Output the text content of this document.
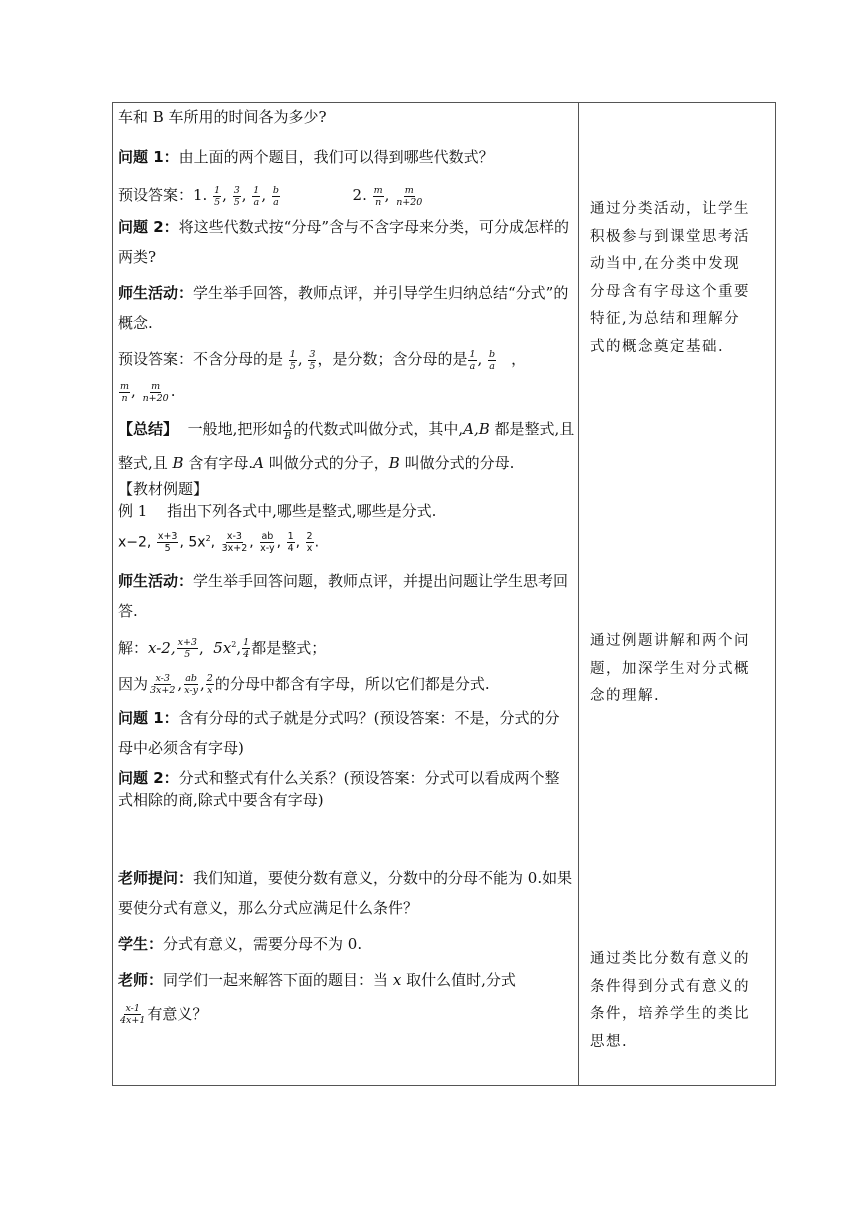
车和 B 车所用的时间各为多少?

问题 1：由上面的两个题目，我们可以得到哪些代数式？

预设答案：1. $\frac{1}{5}$ , $\frac{3}{5}$ , $\frac{1}{a}$ , $\frac{b}{a}$	2. $\frac{m}{n}$ , $\frac{m}{n+20}$

问题 2：将这些代数式按“分母”含与不含字母来分类，可分成怎样的两类?

师生活动：学生举手回答，教师点评，并引导学生归纳总结“分式”的概念.

预设答案：不含分母的是 $\frac{1}{5}$ , $\frac{3}{5}$ ，是分数；含分母的是 $\frac{1}{a}$ , $\frac{b}{a}$ ，

$\frac{m}{n}$ , $\frac{m}{n+20}$ .

【总结】 一般地,把形如 $\frac{A}{B}$ 的代数式叫做分式，其中,A,B 都是整式,且

整式,且 B 含有字母.A 叫做分式的分子，B 叫做分式的分母.

【教材例题】

例 1　 指出下列各式中,哪些是整式,哪些是分式.

x−2, $\frac{x+3}{5}$ , $5x^2$, $\frac{x-3}{3x+2}$ , $\frac{ab}{x-y}$ , $\frac{1}{4}$ , $\frac{2}{x}$ .

师生活动：学生举手回答问题，教师点评，并提出问题让学生思考回答.

解：x-2, $\frac{x+3}{5}$ ,  $5x^2$, $\frac{1}{4}$ 都是整式；

因为 $\frac{x-3}{3x+2}$ , $\frac{ab}{x-y}$ , $\frac{2}{x}$ 的分母中都含有字母，所以它们都是分式.

问题 1：含有分母的式子就是分式吗？(预设答案：不是，分式的分母中必须含有字母)

问题 2：分式和整式有什么关系？(预设答案：分式可以看成两个整式相除的商,除式中要含有字母)

老师提问：我们知道，要使分数有意义，分数中的分母不能为 0.如果要使分式有意义，那么分式应满足什么条件？

学生：分式有意义，需要分母不为 0.

老师：同学们一起来解答下面的题目：当 x 取什么值时,分式

$\frac{x-1}{4x+1}$ 有意义？

通过分类活动，让学生积极参与到课堂思考活动当中,在分类中发现分母含有字母这个重要特征,为总结和理解分式的概念奠定基础.
通过例题讲解和两个问题，加深学生对分式概念的理解.
通过类比分数有意义的条件得到分式有意义的条件，培养学生的类比思想.
